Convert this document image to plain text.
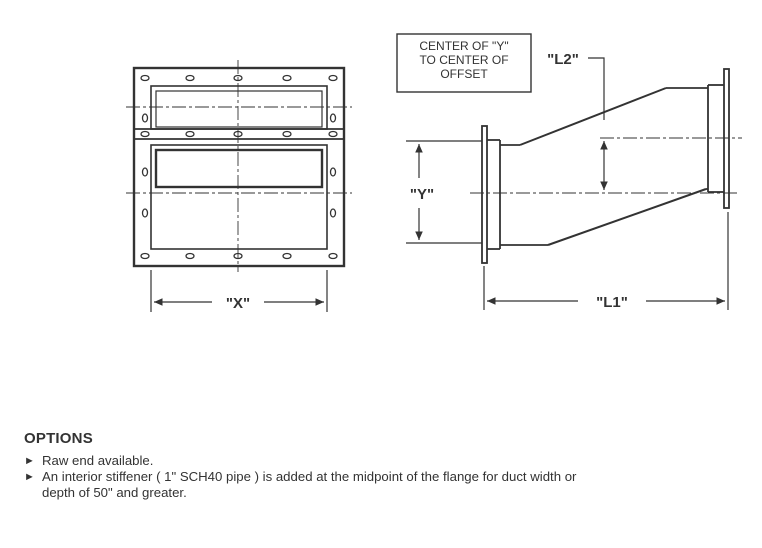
"X"
CENTER OF "Y"
TO CENTER OF
OFFSET
"Y"
"L2"
"L1"
OPTIONS
► Raw end available.
► An interior stiffener ( 1" SCH40 pipe ) is added at the midpoint of the flange for duct width or depth of 50" and greater.
